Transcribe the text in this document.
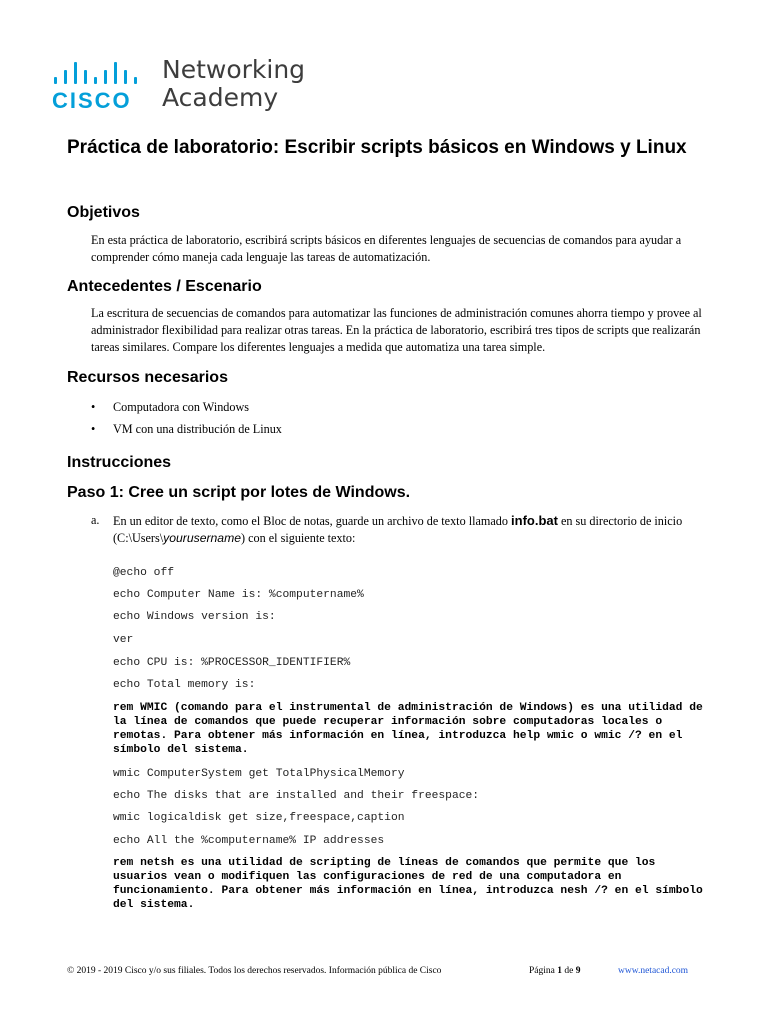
CISCO
Networking
Academy
Práctica de laboratorio: Escribir scripts básicos en Windows y Linux
Objetivos

En esta práctica de laboratorio, escribirá scripts básicos en diferentes lenguajes de secuencias de comandos para ayudar a comprender cómo maneja cada lenguaje las tareas de automatización.

Antecedentes / Escenario

La escritura de secuencias de comandos para automatizar las funciones de administración comunes ahorra tiempo y provee al administrador flexibilidad para realizar otras tareas. En la práctica de laboratorio, escribirá tres tipos de scripts que realizarán tareas similares. Compare los diferentes lenguajes a medida que automatiza una tarea simple.

Recursos necesarios
• Computadora con Windows
• VM con una distribución de Linux
Instrucciones
Paso 1: Cree un script por lotes de Windows.
a. En un editor de texto, como el Bloc de notas, guarde un archivo de texto llamado info.bat en su directorio de inicio (C:\Users\yourusername) con el siguiente texto:
@echo off
echo Computer Name is: %computername%
echo Windows version is:
ver
echo CPU is: %PROCESSOR_IDENTIFIER%
echo Total memory is:

rem WMIC (comando para el instrumental de administración de Windows) es una utilidad de la línea de comandos que puede recuperar información sobre computadoras locales o remotas. Para obtener más información en línea, introduzca help wmic o wmic /? en el símbolo del sistema.

wmic ComputerSystem get TotalPhysicalMemory
echo The disks that are installed and their freespace:
wmic logicaldisk get size,freespace,caption
echo All the %computername% IP addresses

rem netsh es una utilidad de scripting de líneas de comandos que permite que los usuarios vean o modifiquen las configuraciones de red de una computadora en funcionamiento. Para obtener más información en línea, introduzca nesh /? en el símbolo del sistema.

© 2019 - 2019 Cisco y/o sus filiales. Todos los derechos reservados. Información pública de Cisco	Página 1 de 9	www.netacad.com
